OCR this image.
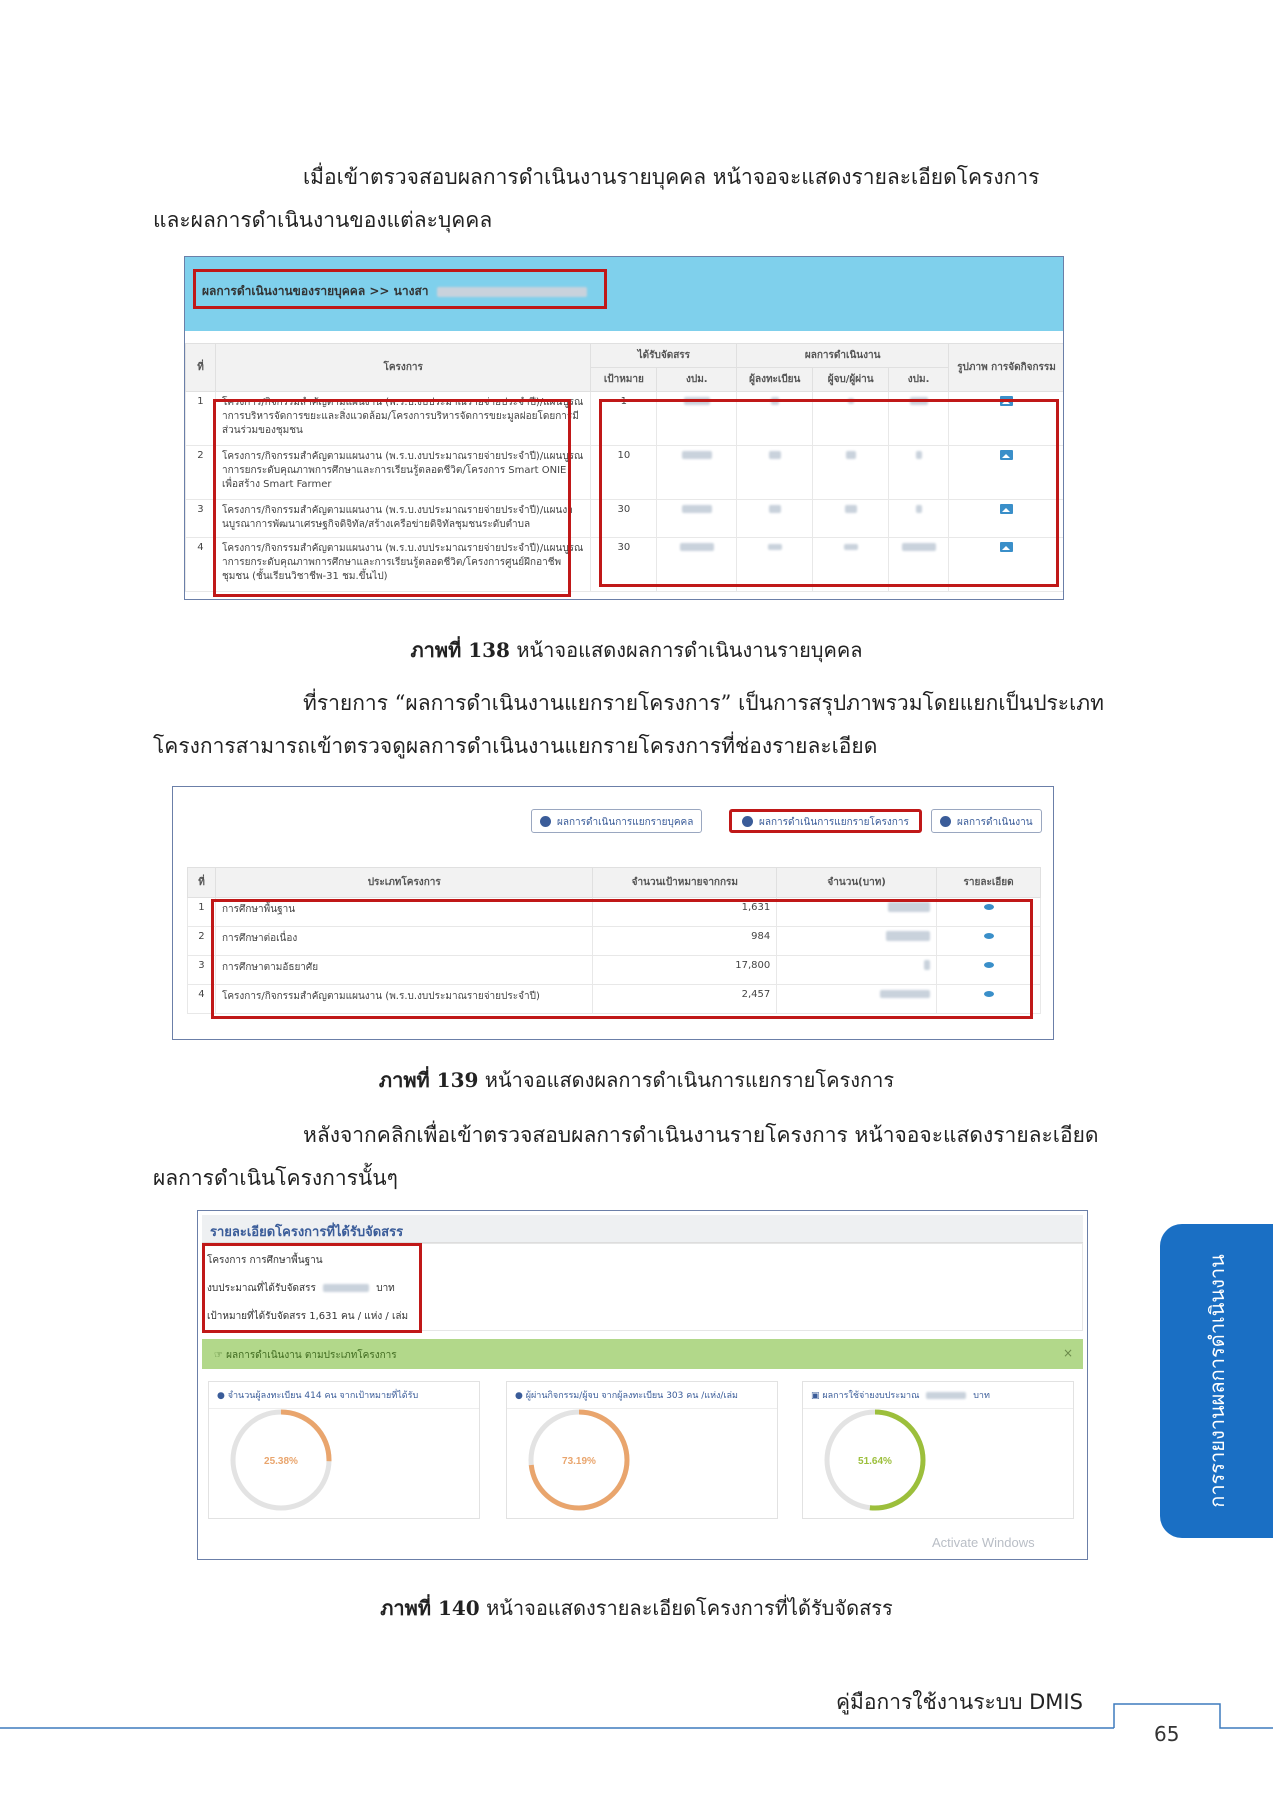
เมื่อเข้าตรวจสอบผลการดำเนินงานรายบุคคล หน้าจอจะแสดงรายละเอียดโครงการ
และผลการดำเนินงานของแต่ละบุคคล
ผลการดำเนินงานของรายบุคคล >> นางสา
ที่	โครงการ	ได้รับจัดสรร		ผลการดำเนินงาน			รูปภาพ การจัดกิจกรรม
		เป้าหมาย	งปม.	ผู้ลงทะเบียน	ผู้จบ/ผู้ผ่าน	งปม.	
1	โครงการ/กิจกรรมสำคัญตามแผนงาน (พ.ร.บ.งบประมาณรายจ่ายประจำปี)/แผนบูรณาการบริหารจัดการขยะและสิ่งแวดล้อม/โครงการบริหารจัดการขยะมูลฝอยโดยการมีส่วนร่วมของชุมชน	1					
2	โครงการ/กิจกรรมสำคัญตามแผนงาน (พ.ร.บ.งบประมาณรายจ่ายประจำปี)/แผนบูรณาการยกระดับคุณภาพการศึกษาและการเรียนรู้ตลอดชีวิต/โครงการ Smart ONIE เพื่อสร้าง Smart Farmer	10					
3	โครงการ/กิจกรรมสำคัญตามแผนงาน (พ.ร.บ.งบประมาณรายจ่ายประจำปี)/แผนงานบูรณาการพัฒนาเศรษฐกิจดิจิทัล/สร้างเครือข่ายดิจิทัลชุมชนระดับตำบล	30					
4	โครงการ/กิจกรรมสำคัญตามแผนงาน (พ.ร.บ.งบประมาณรายจ่ายประจำปี)/แผนบูรณาการยกระดับคุณภาพการศึกษาและการเรียนรู้ตลอดชีวิต/โครงการศูนย์ฝึกอาชีพชุมชน (ชั้นเรียนวิชาชีพ-31 ชม.ขึ้นไป)	30					
ภาพที่ 138 หน้าจอแสดงผลการดำเนินงานรายบุคคล
ที่รายการ “ผลการดำเนินงานแยกรายโครงการ” เป็นการสรุปภาพรวมโดยแยกเป็นประเภท
โครงการสามารถเข้าตรวจดูผลการดำเนินงานแยกรายโครงการที่ช่องรายละเอียด
ผลการดำเนินการแยกรายบุคคล	ผลการดำเนินการแยกรายโครงการ	ผลการดำเนินงาน
ที่	ประเภทโครงการ	จำนวนเป้าหมายจากกรม	จำนวน(บาท)	รายละเอียด
1	การศึกษาพื้นฐาน	1,631		
2	การศึกษาต่อเนื่อง	984		
3	การศึกษาตามอัธยาศัย	17,800		
4	โครงการ/กิจกรรมสำคัญตามแผนงาน (พ.ร.บ.งบประมาณรายจ่ายประจำปี)	2,457		
ภาพที่ 139 หน้าจอแสดงผลการดำเนินการแยกรายโครงการ
หลังจากคลิกเพื่อเข้าตรวจสอบผลการดำเนินงานรายโครงการ หน้าจอจะแสดงรายละเอียด
ผลการดำเนินโครงการนั้นๆ
รายละเอียดโครงการที่ได้รับจัดสรร
โครงการ การศึกษาพื้นฐาน
งบประมาณที่ได้รับจัดสรร	บาท
เป้าหมายที่ได้รับจัดสรร 1,631 คน / แห่ง / เล่ม
☞ ผลการดำเนินงาน ตามประเภทโครงการ	×
● จำนวนผู้ลงทะเบียน 414 คน จากเป้าหมายที่ได้รับ
25.38%
● ผู้ผ่านกิจกรรม/ผู้จบ จากผู้ลงทะเบียน 303 คน /แห่ง/เล่ม
73.19%
▣ ผลการใช้จ่ายงบประมาณ	บาท
51.64%
Activate Windows
ภาพที่ 140 หน้าจอแสดงรายละเอียดโครงการที่ได้รับจัดสรร
การรายงานผลการดำเนินงาน
คู่มือการใช้งานระบบ DMIS
65
